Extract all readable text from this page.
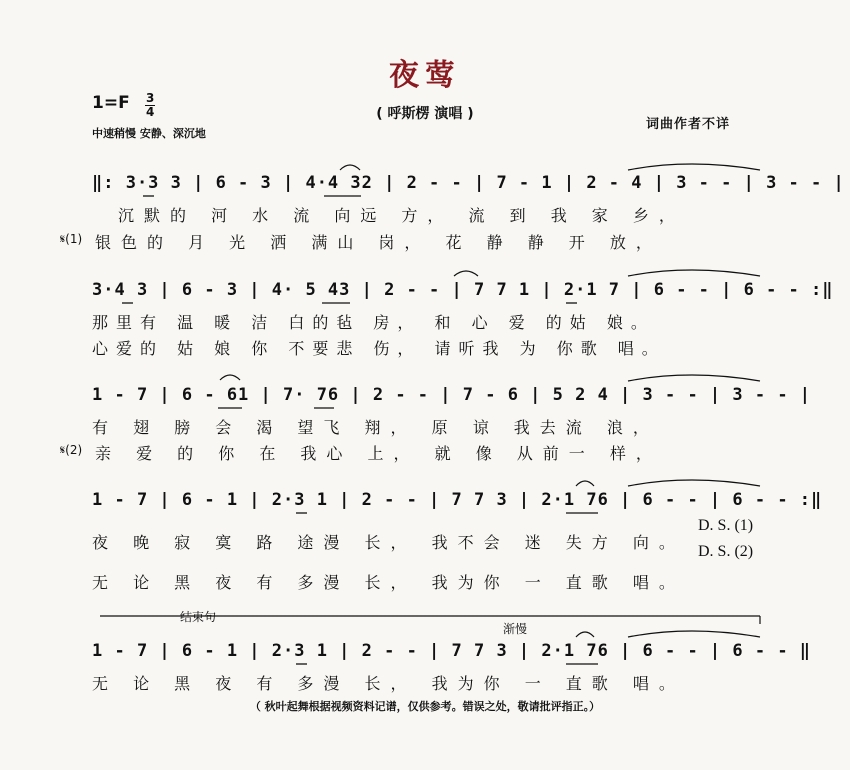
夜莺
( 呼斯楞 演唱 )
1=F 3
4
中速稍慢 安静、深沉地
词曲作者不详
‖: 3·3 3 | 6 - 3 | 4·4 32 | 2 - - | 7 - 1 | 2 - 4 | 3 - - | 3 - - |
沉默的 河 水 流 向远 方， 流 到 我 家 乡，
𝄋(1) 银色的 月 光 洒 满山 岗， 花 静 静 开 放，
3·4 3 | 6 - 3 | 4· 5 43 | 2 - - | 7 7 1 | 2·1 7 | 6 - - | 6 - - :‖
那里有 温 暖 洁 白的毡 房， 和 心 爱 的姑 娘。
心爱的 姑 娘 你 不要悲 伤， 请听我 为 你歌 唱。
1 - 7 | 6 - 61 | 7· 76 | 2 - - | 7 - 6 | 5 2 4 | 3 - - | 3 - - |
有 翅 膀 会 渴 望飞 翔， 原 谅 我去流 浪，
𝄋(2) 亲 爱 的 你 在 我心 上， 就 像 从前一 样，
1 - 7 | 6 - 1 | 2·3 1 | 2 - - | 7 7 3 | 2·1 76 | 6 - - | 6 - - :‖
夜 晚 寂 寞 路 途漫 长， 我不会 迷 失方 向。
无 论 黑 夜 有 多漫 长， 我为你 一 直歌 唱。
D. S. (1)
D. S. (2)
结束句
渐慢
1 - 7 | 6 - 1 | 2·3 1 | 2 - - | 7 7 3 | 2·1 76 | 6 - - | 6 - - ‖
无 论 黑 夜 有 多漫 长， 我为你 一 直歌 唱。
（ 秋叶起舞根据视频资料记谱，仅供参考。错误之处，敬请批评指正。）
